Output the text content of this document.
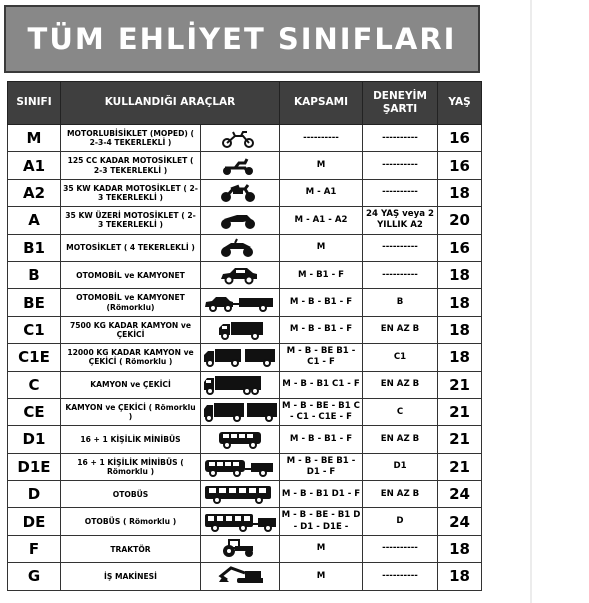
TÜM EHLİYET SINIFLARI
SINIFI	KULLANDIĞI ARAÇLAR		KAPSAMI	DENEYİM ŞARTI	YAŞ
M	MOTORLUBİSİKLET (MOPED) ( 2-3-4 TEKERLEKLİ )		----------	----------	16
A1	125 CC KADAR MOTOSİKLET ( 2-3 TEKERLEKLİ )		M	----------	16
A2	35 KW KADAR MOTOSİKLET ( 2-3 TEKERLEKLİ )		M - A1	----------	18
A	35 KW ÜZERİ MOTOSİKLET ( 2-3 TEKERLEKLİ )		M - A1 - A2	24 YAŞ veya 2 YILLIK A2	20
B1	MOTOSİKLET ( 4 TEKERLEKLİ )		M	----------	16
B	OTOMOBİL ve KAMYONET		M - B1 - F	----------	18
BE	OTOMOBİL ve KAMYONET (Römorklu)		M - B - B1 - F	B	18
C1	7500 KG KADAR KAMYON ve ÇEKİCİ		M - B - B1 - F	EN AZ B	18
C1E	12000 KG KADAR KAMYON ve ÇEKİCİ ( Römorklu )		M - B - BE B1 - C1 - F	C1	18
C	KAMYON ve ÇEKİCİ		M - B - B1 C1 - F	EN AZ B	21
CE	KAMYON ve ÇEKİCİ ( Römorklu )		M - B - BE - B1 C - C1 - C1E - F	C	21
D1	16 + 1 KİŞİLİK MİNİBÜS		M - B - B1 - F	EN AZ B	21
D1E	16 + 1 KİŞİLİK MİNİBÜS ( Römorklu )		M - B - BE B1 - D1 - F	D1	21
D	OTOBÜS		M - B - B1 D1 - F	EN AZ B	24
DE	OTOBÜS ( Römorklu )		M - B - BE - B1 D - D1 - D1E -	D	24
F	TRAKTÖR		M	----------	18
G	İŞ MAKİNESİ		M	----------	18
